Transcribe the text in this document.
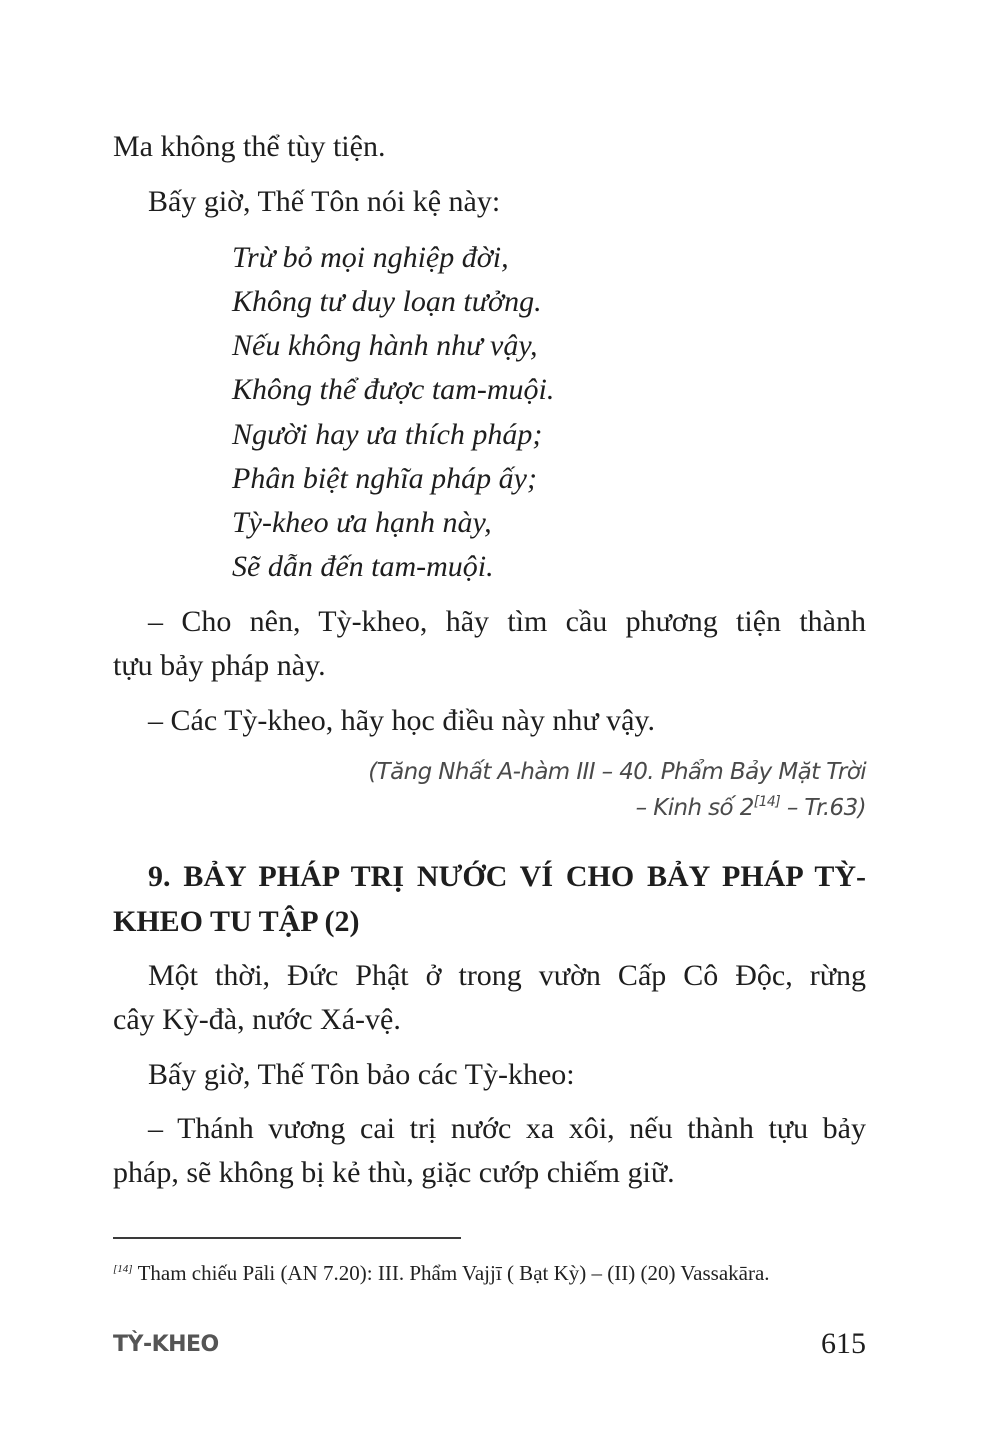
Ma không thể tùy tiện.
Bấy giờ, Thế Tôn nói kệ này:
Trừ bỏ mọi nghiệp đời,
Không tư duy loạn tưởng.
Nếu không hành như vậy,
Không thể được tam-muội.
Người hay ưa thích pháp;
Phân biệt nghĩa pháp ấy;
Tỳ-kheo ưa hạnh này,
Sẽ dẫn đến tam-muội.
– Cho nên, Tỳ-kheo, hãy tìm cầu phương tiện thành
tựu bảy pháp này.
– Các Tỳ-kheo, hãy học điều này như vậy.
(Tăng Nhất A-hàm III – 40. Phẩm Bảy Mặt Trời
– Kinh số 2[14] – Tr.63)
9. BẢY PHÁP TRỊ NƯỚC VÍ CHO BẢY PHÁP TỲ-
KHEO TU TẬP (2)
Một thời, Đức Phật ở trong vườn Cấp Cô Độc, rừng
cây Kỳ-đà, nước Xá-vệ.
Bấy giờ, Thế Tôn bảo các Tỳ-kheo:
– Thánh vương cai trị nước xa xôi, nếu thành tựu bảy
pháp, sẽ không bị kẻ thù, giặc cướp chiếm giữ.
[14] Tham chiếu Pāli (AN 7.20): III. Phẩm Vajjī ( Bạt Kỳ) – (II) (20) Vassakāra.
TỲ-KHEO	615
